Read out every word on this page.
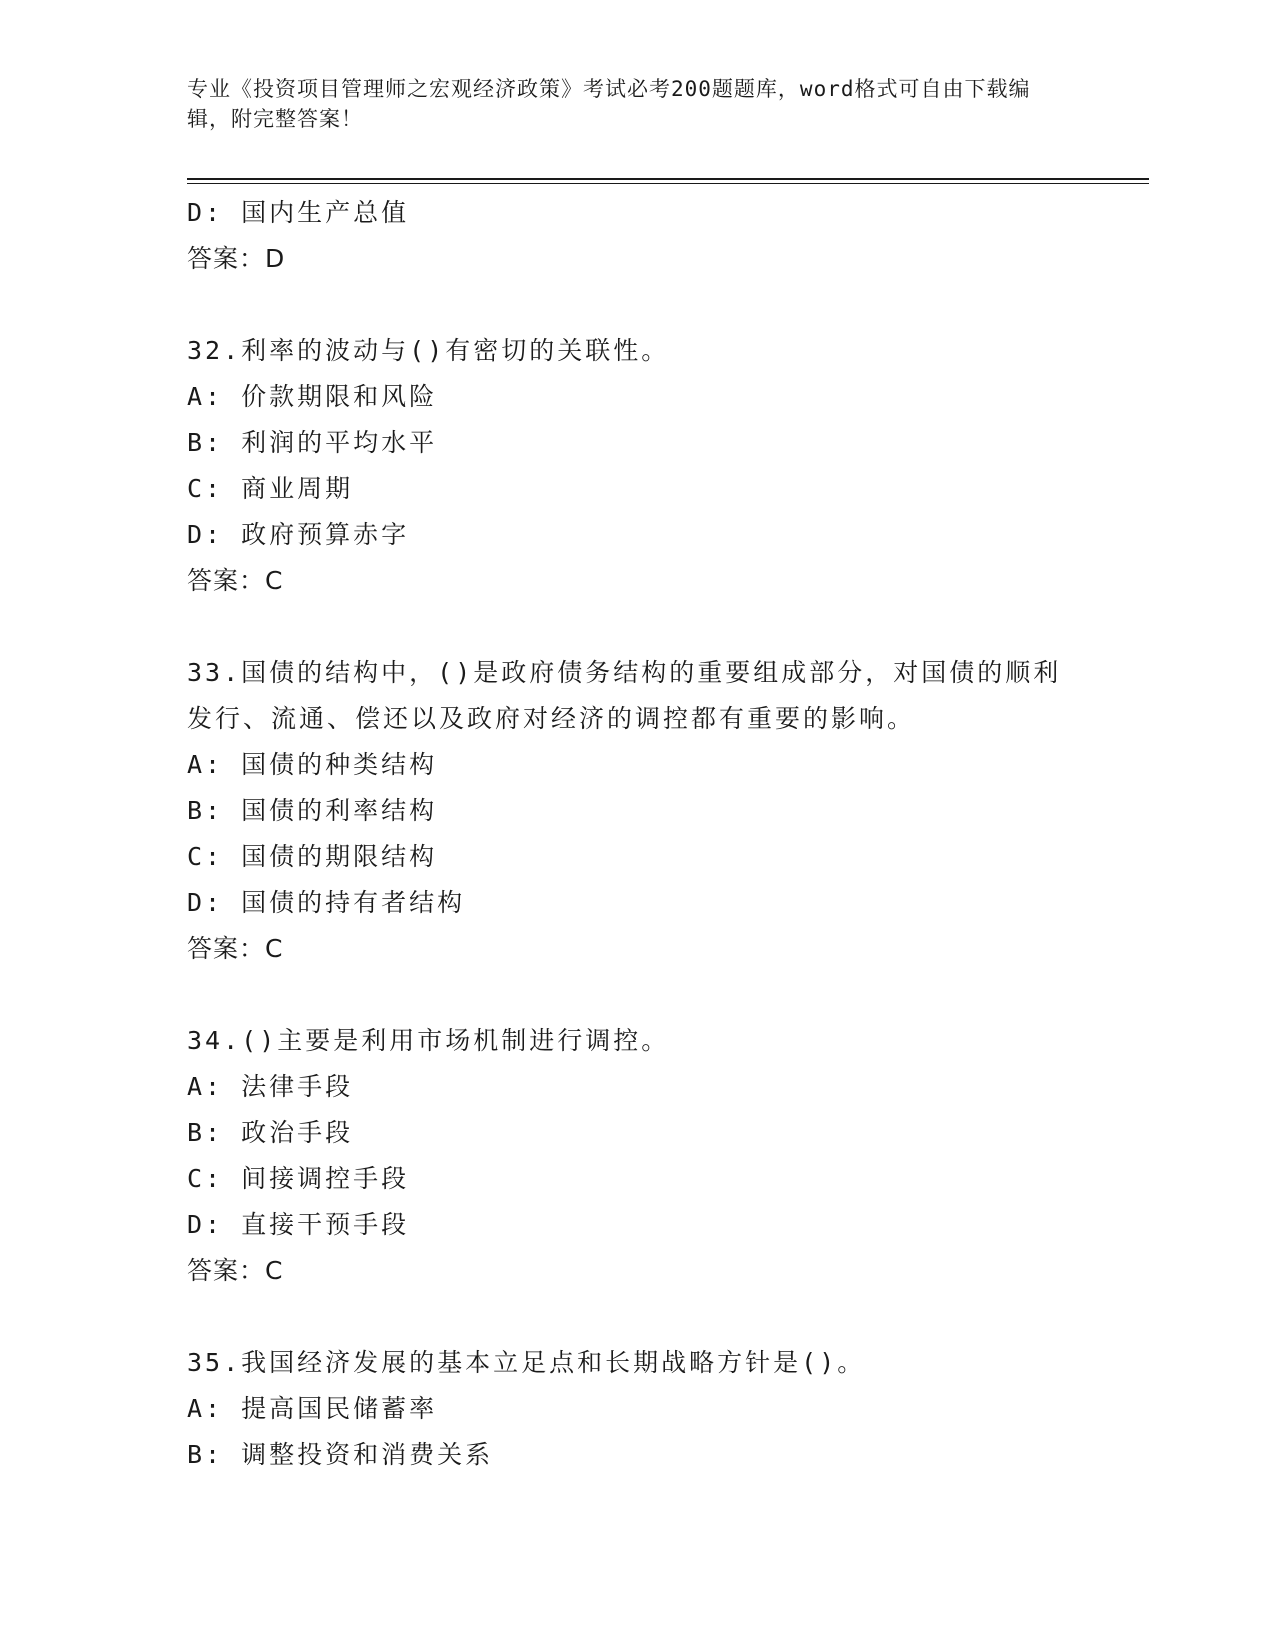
专业《投资项目管理师之宏观经济政策》考试必考200题题库，word格式可自由下载编辑，附完整答案！
D: 国内生产总值
答案：D
32.利率的波动与()有密切的关联性。
A: 价款期限和风险
B: 利润的平均水平
C: 商业周期
D: 政府预算赤字
答案：C
33.国债的结构中，()是政府债务结构的重要组成部分，对国债的顺利
发行、流通、偿还以及政府对经济的调控都有重要的影响。
A: 国债的种类结构
B: 国债的利率结构
C: 国债的期限结构
D: 国债的持有者结构
答案：C
34.()主要是利用市场机制进行调控。
A: 法律手段
B: 政治手段
C: 间接调控手段
D: 直接干预手段
答案：C
35.我国经济发展的基本立足点和长期战略方针是()。
A: 提高国民储蓄率
B: 调整投资和消费关系
